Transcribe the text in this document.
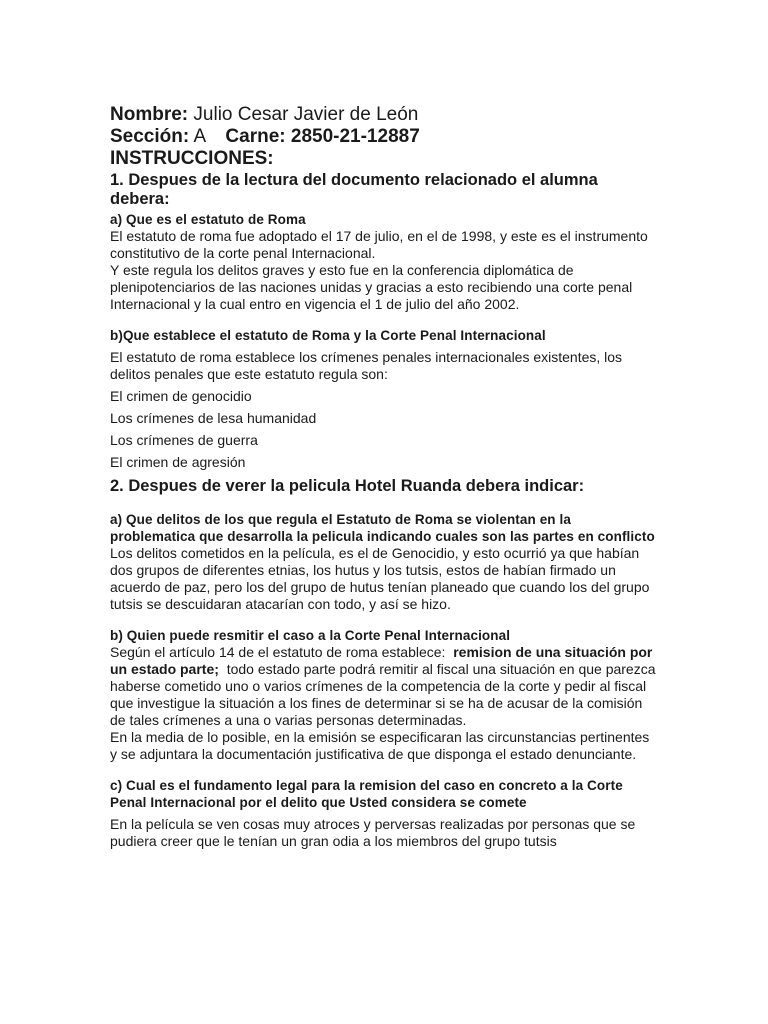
Nombre: Julio Cesar Javier de León

Sección: A Carne: 2850-21-12887

INSTRUCCIONES:

1. Despues de la lectura del documento relacionado el alumna debera:

a) Que es el estatuto de Roma

El estatuto de roma fue adoptado el 17 de julio, en el de 1998, y este es el instrumento constitutivo de la corte penal Internacional.

Y este regula los delitos graves y esto fue en la conferencia diplomática de plenipotenciarios de las naciones unidas y gracias a esto recibiendo una corte penal Internacional y la cual entro en vigencia el 1 de julio del año 2002.

b)Que establece el estatuto de Roma y la Corte Penal Internacional

El estatuto de roma establece los crímenes penales internacionales existentes, los delitos penales que este estatuto regula son:

El crimen de genocidio

Los crímenes de lesa humanidad

Los crímenes de guerra

El crimen de agresión

2. Despues de verer la pelicula Hotel Ruanda debera indicar:

a) Que delitos de los que regula el Estatuto de Roma se violentan en la problematica que desarrolla la pelicula indicando cuales son las partes en conflicto

Los delitos cometidos en la película, es el de Genocidio, y esto ocurrió ya que habían dos grupos de diferentes etnias, los hutus y los tutsis, estos de habían firmado un acuerdo de paz, pero los del grupo de hutus tenían planeado que cuando los del grupo tutsis se descuidaran atacarían con todo, y así se hizo.

b) Quien puede resmitir el caso a la Corte Penal Internacional

Según el artículo 14 de el estatuto de roma establece: remision de una situación por un estado parte; todo estado parte podrá remitir al fiscal una situación en que parezca haberse cometido uno o varios crímenes de la competencia de la corte y pedir al fiscal que investigue la situación a los fines de determinar si se ha de acusar de la comisión de tales crímenes a una o varias personas determinadas.

En la media de lo posible, en la emisión se especificaran las circunstancias pertinentes y se adjuntara la documentación justificativa de que disponga el estado denunciante.

c) Cual es el fundamento legal para la remision del caso en concreto a la Corte Penal Internacional por el delito que Usted considera se comete

En la película se ven cosas muy atroces y perversas realizadas por personas que se pudiera creer que le tenían un gran odia a los miembros del grupo tutsis
